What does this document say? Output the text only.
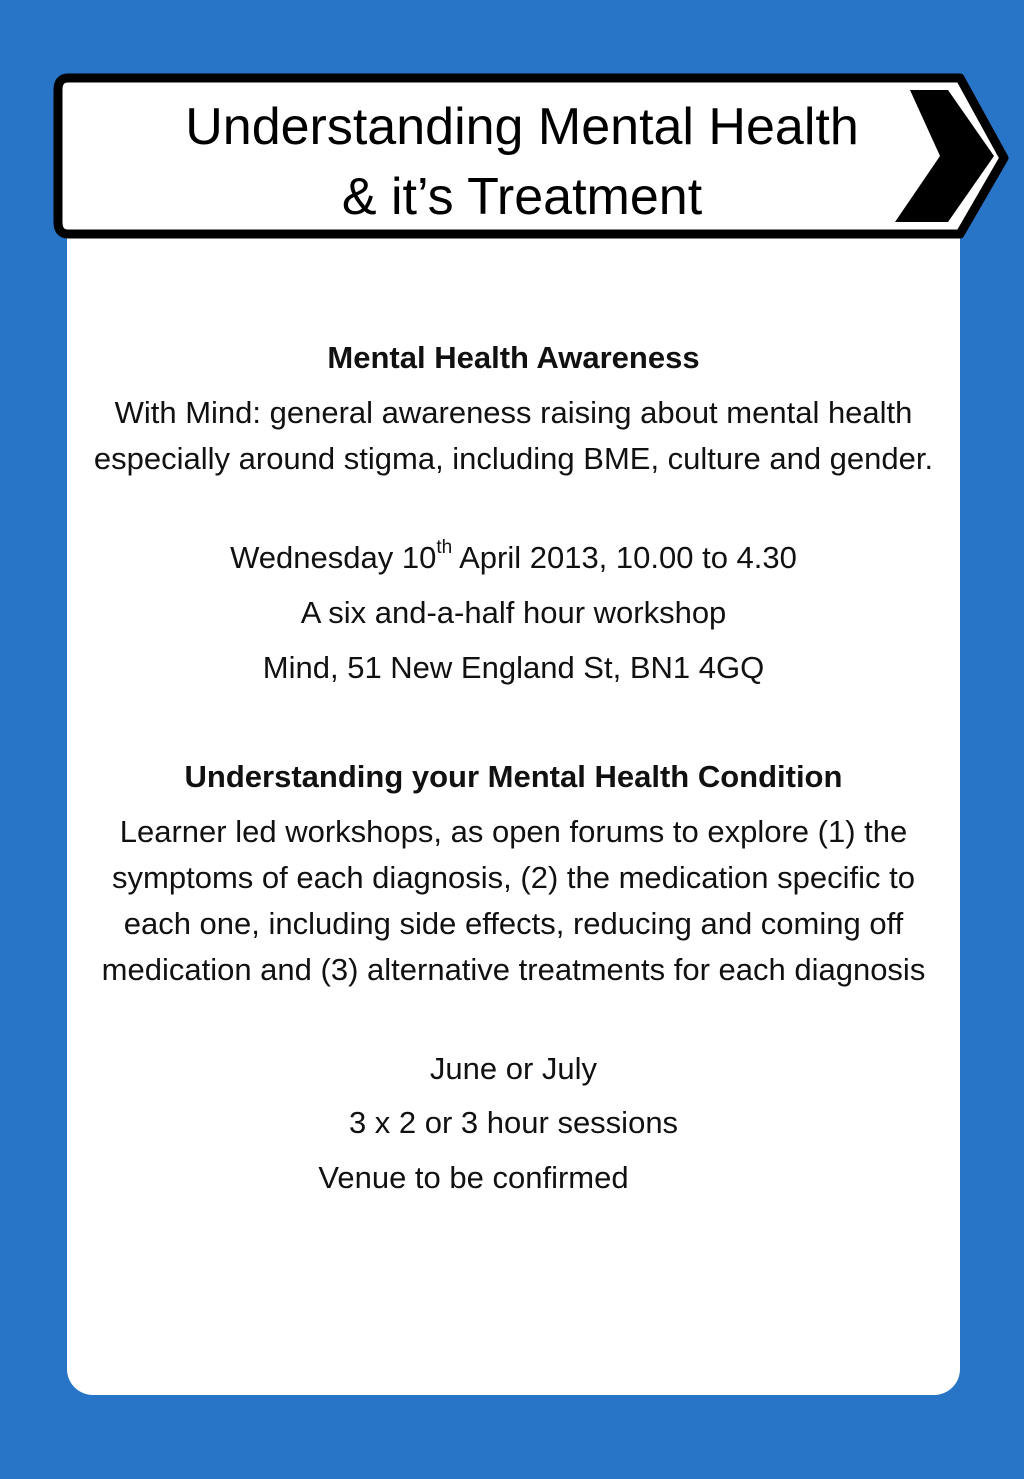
Understanding Mental Health
& it’s Treatment

Mental Health Awareness

With Mind: general awareness raising about mental health especially around stigma, including BME, culture and gender.

Wednesday 10th April 2013, 10.00 to 4.30

A six and-a-half hour workshop

Mind, 51 New England St, BN1 4GQ

Understanding your Mental Health Condition

Learner led workshops, as open forums to explore (1) the symptoms of each diagnosis, (2) the medication specific to each one, including side effects, reducing and coming off medication and (3) alternative treatments for each diagnosis

June or July

3 x 2 or 3 hour sessions

Venue to be confirmed
